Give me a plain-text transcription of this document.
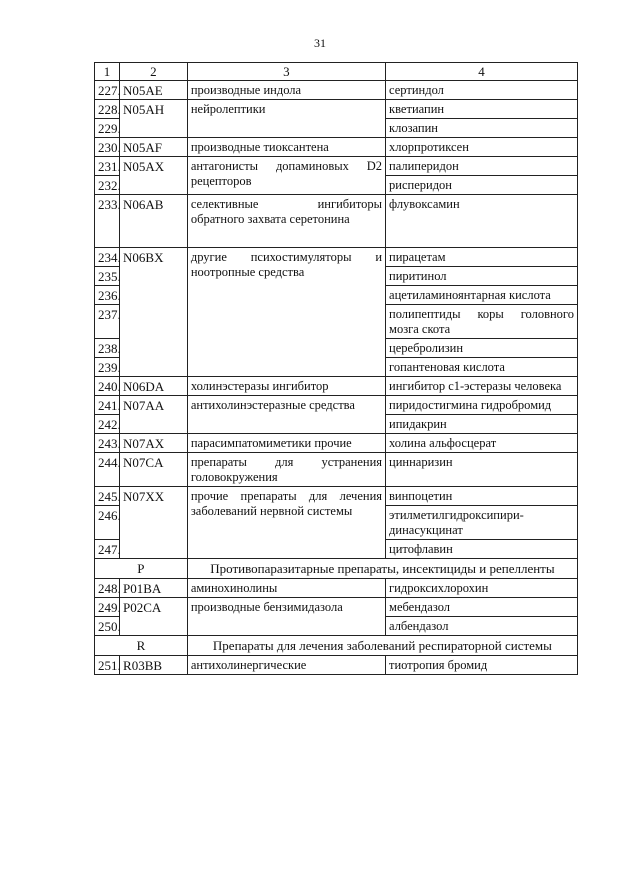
31
1	2	3	4
227.	N05AE	производные индола	сертиндол
228.	N05AH	нейролептики	кветиапин
229.			клозапин
230.	N05AF	производные тиоксантена	хлорпротиксен
231.	N05AX	антагонисты допаминовых D2 рецепторов	палиперидон
232.			рисперидон
233.	N06AB	селективные ингибиторы обратного захвата серетонина	флувоксамин
234.	N06BX	другие психостимуляторы и ноотропные средства	пирацетам
235.			пиритинол
236.			ацетиламиноянтарная кислота
237.			полипептиды коры головного мозга скота
238.			церебролизин
239.			гопантеновая кислота
240.	N06DA	холинэстеразы ингибитор	ингибитор с1-эстеразы человека
241.	N07AA	антихолинэстеразные средства	пиридостигмина гидробромид
242.			ипидакрин
243.	N07AX	парасимпатомиметики прочие	холина альфосцерат
244.	N07CA	препараты для устранения головокружения	циннаризин
245.	N07XX	прочие препараты для лечения заболеваний нервной системы	винпоцетин
246.			этилметилгидроксипири-динасукцинат
247.			цитофлавин
P		Противопаразитарные препараты, инсектициды и репелленты	
248.	P01BA	аминохинолины	гидроксихлорохин
249.	P02CA	производные бензимидазола	мебендазол
250.			албендазол
R		Препараты для лечения заболеваний респираторной системы	
251.	R03BB	антихолинергические	тиотропия бромид
